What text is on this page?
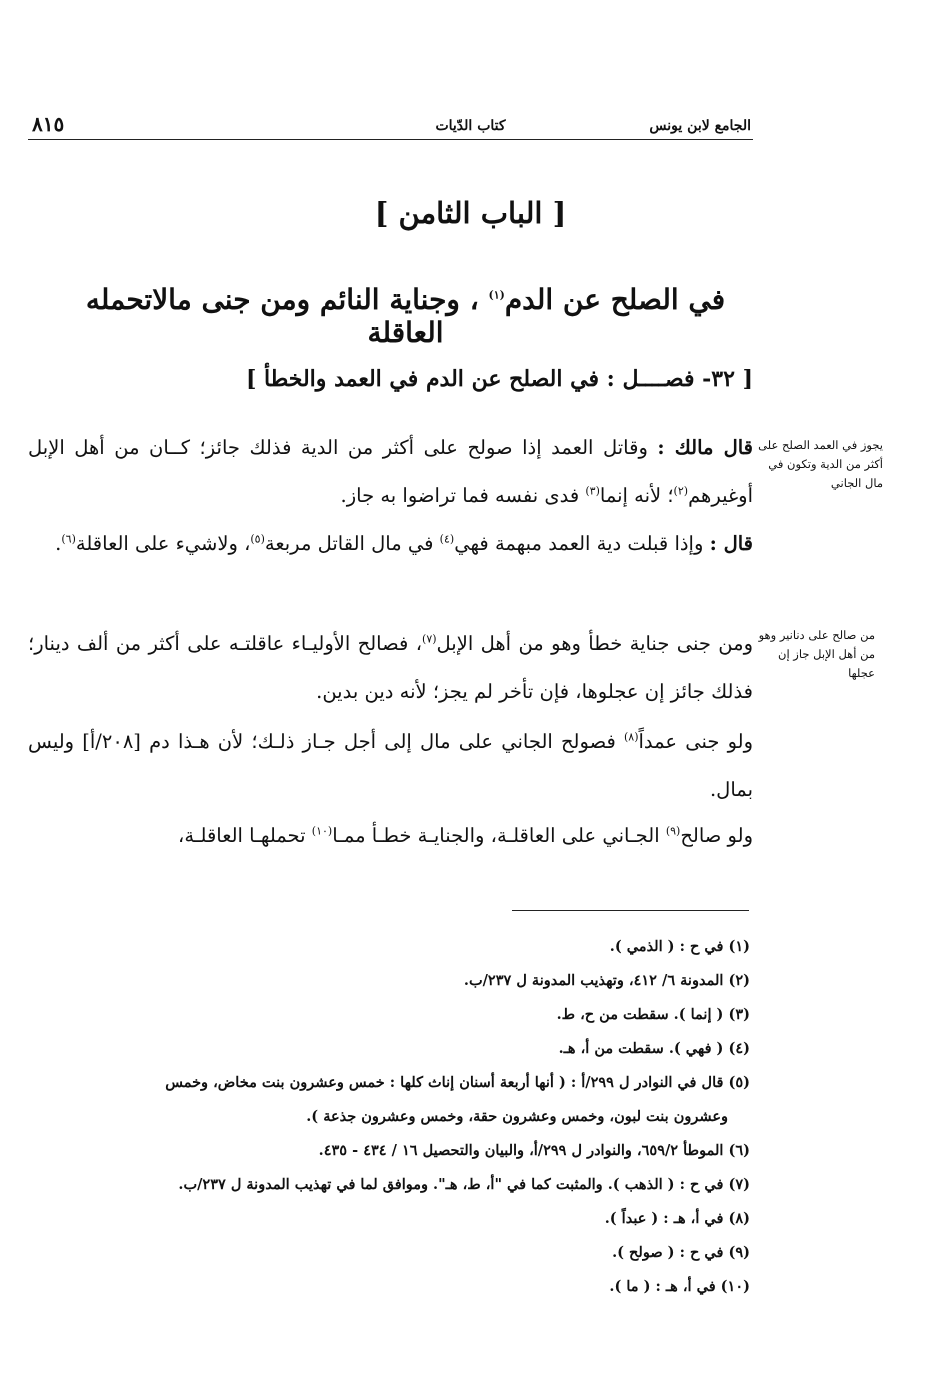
الجامع لابن يونس
كتاب الدّيات
٨١٥
[ الباب الثامن ]
في الصلح عن الدم$^{(١)}$ ، وجناية النائم ومن جنى مالاتحمله العاقلة
[ ٣٢- فصــــل : في الصلح عن الدم في العمد والخطأ ]
يجوز في العمد الصلح على أكثر من الدية وتكون في مال الجاني
من صالح على دنانير وهو من أهل الإبل جاز إن عجلها
قال مالك : وقاتل العمد إذا صولح على أكثر من الدية فذلك جائز؛ كــان من أهل الإبل أوغيرهم$^{(٢)}$؛ لأنه إنما$^{(٣)}$ فدى نفسه فما تراضوا به جاز.
قال : وإذا قبلت دية العمد مبهمة فهي$^{(٤)}$ في مال القاتل مربعة$^{(٥)}$، ولاشيء على العاقلة$^{(٦)}$.
ومن جنى جناية خطأ وهو من أهل الإبل$^{(٧)}$، فصالح الأوليـاء عاقلتـه على أكثر من ألف دينار؛ فذلك جائز إن عجلوها، فإن تأخر لم يجز؛ لأنه دين بدين.
ولو جنى عمداً$^{(٨)}$ فصولح الجاني على مال إلى أجل جـاز ذلـك؛ لأن هـذا دم [٢٠٨/أ] وليس بمال.
ولو صالح$^{(٩)}$ الجـاني على العاقلـة، والجنايـة خطـأ ممـا$^{(١٠)}$ تحملهـا العاقلـة،
(١) في ح : ( الذمي ).
(٢) المدونة ٦/ ٤١٢، وتهذيب المدونة ل ٢٣٧/ب.
(٣) ( إنما ). سقطت من ح، ط.
(٤) ( فهي ). سقطت من أ، هـ.
(٥) قال في النوادر ل ٢٩٩/أ : ( أنها أربعة أسنان إناث كلها : خمس وعشرون بنت مخاض، وخمس
وعشرون بنت لبون، وخمس وعشرون حقة، وخمس وعشرون جذعة ).
(٦) الموطأ ٦٥٩/٢، والنوادر ل ٢٩٩/أ، والبيان والتحصيل ١٦ / ٤٣٤ - ٤٣٥.
(٧) في ح : ( الذهب ). والمثبت كما في "أ، ط، هـ". وموافق لما في تهذيب المدونة ل ٢٣٧/ب.
(٨) في أ، هـ : ( عبداً ).
(٩) في ح : ( صولح ).
(١٠) في أ، هـ : ( ما ).
